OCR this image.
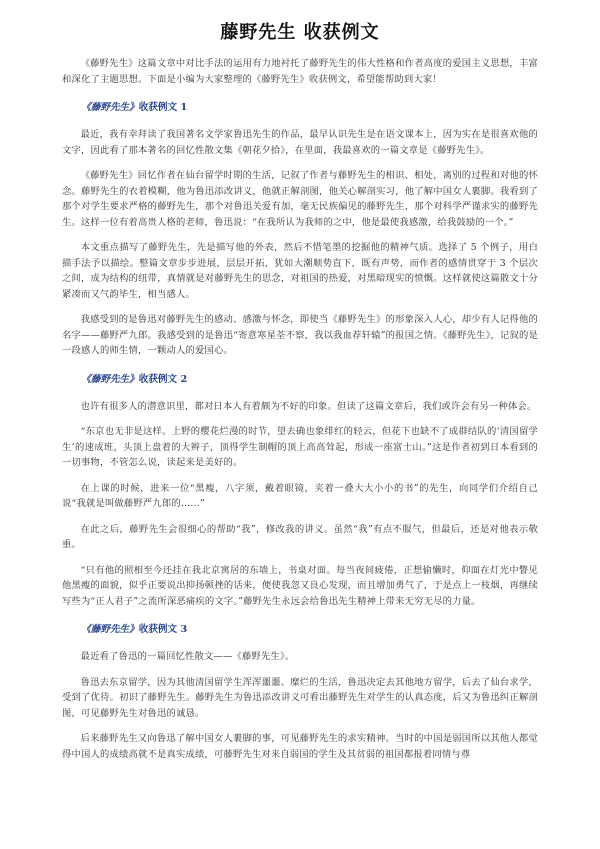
藤野先生 收获例文

《藤野先生》这篇文章中对比手法的运用有力地衬托了藤野先生的伟大性格和作者高度的爱国主义思想，丰富和深化了主题思想。下面是小编为大家整理的《藤野先生》收获例文，希望能帮助到大家！

《藤野先生》收获例文 1

最近，我有幸拜读了我国著名文学家鲁迅先生的作品，最早认识先生是在语文课本上，因为实在是很喜欢他的文字，因此看了那本著名的回忆性散文集《朝花夕拾》，在里面，我最喜欢的一篇文章是《藤野先生》。

《藤野先生》回忆作者在仙台留学时期的生活，记叙了作者与藤野先生的相识、相处，离别的过程和对他的怀念。藤野先生的衣着模糊，他为鲁迅添改讲义，他就正解剖图，他关心解剖实习，他了解中国女人裹脚。我看到了那个对学生要求严格的藤野先生，那个对鲁迅关爱有加，毫无民族偏见的藤野先生，那个对科学严谨求实的藤野先生。这样一位有着高贵人格的老师，鲁迅说：“在我所认为我师的之中，他是最使我感激，给我鼓励的一个。”

本文重点描写了藤野先生，先是描写他的外表，然后不惜笔墨的挖掘他的精神气质。选择了 5 个例子，用白描手法予以描绘。整篇文章步步进展，层层开拓，犹如大潮顺势直下，既有声势，而作者的感情贯穿于 3 个层次之间，成为结构的纽带，真情就是对藤野先生的思念，对祖国的热爱，对黑暗现实的愤慨。这样就使这篇散文十分紧凑而又气韵毕生，相当感人。

我感受到的是鲁迅对藤野先生的感动、感激与怀念，即使当《藤野先生》的形象深入人心，却少有人记得他的名字——藤野严九郎。我感受到的是鲁迅“寄意寒星荃不察，我以我血荐轩辕”的报国之情。《藤野先生》，记叙的是一段感人的师生情，一颗动人的爱国心。

《藤野先生》收获例文 2

也许有很多人的潜意识里，都对日本人有着颇为不好的印象。但读了这篇文章后，我们或许会有另一种体会。

“东京也无非是这样。上野的樱花烂漫的时节，望去确也象绯红的轻云，但花下也缺不了成群结队的‘清国留学生’的速成班，头顶上盘着的大辫子，顶得学生制帽的顶上高高耸起，形成一座富士山。”这是作者初到日本看到的一切事物，不管怎么说，读起来是美好的。

在上课的时候，进来一位“黑瘦，八字须，戴着眼镜，夹着一叠大大小小的书”的先生，向同学们介绍自己说“我就是叫做藤野严九郎的……”

在此之后，藤野先生会很细心的帮助“我”，修改我的讲义。虽然“我”有点不服气，但最后，还是对他表示敬重。

“只有他的照相至今还挂在我北京寓居的东墙上，书桌对面。每当夜间疲倦，正想偷懒时，仰面在灯光中瞥见他黑瘦的面貌，似乎正要说出抑扬顿挫的话来，便使我忽又良心发现，而且增加勇气了，于是点上一枝烟，再继续写些为“正人君子”之流所深恶痛疾的文字。”藤野先生永远会给鲁迅先生精神上带来无穷无尽的力量。

《藤野先生》收获例文 3

最近看了鲁迅的一篇回忆性散文——《藤野先生》。

鲁迅去东京留学，因为其他清国留学生浑浑噩噩、糜烂的生活，鲁迅决定去其他地方留学，后去了仙台求学，受到了优待。初识了藤野先生。藤野先生为鲁迅添改讲义可看出藤野先生对学生的认真态度，后又为鲁迅纠正解剖图，可见藤野先生对鲁迅的诚恳。

后来藤野先生又向鲁迅了解中国女人裹脚的事，可见藤野先生的求实精神。当时的中国是弱国所以其他人都觉得中国人的成绩高就不是真实成绩，可藤野先生对来自弱国的学生及其贫弱的祖国都报着同情与尊
